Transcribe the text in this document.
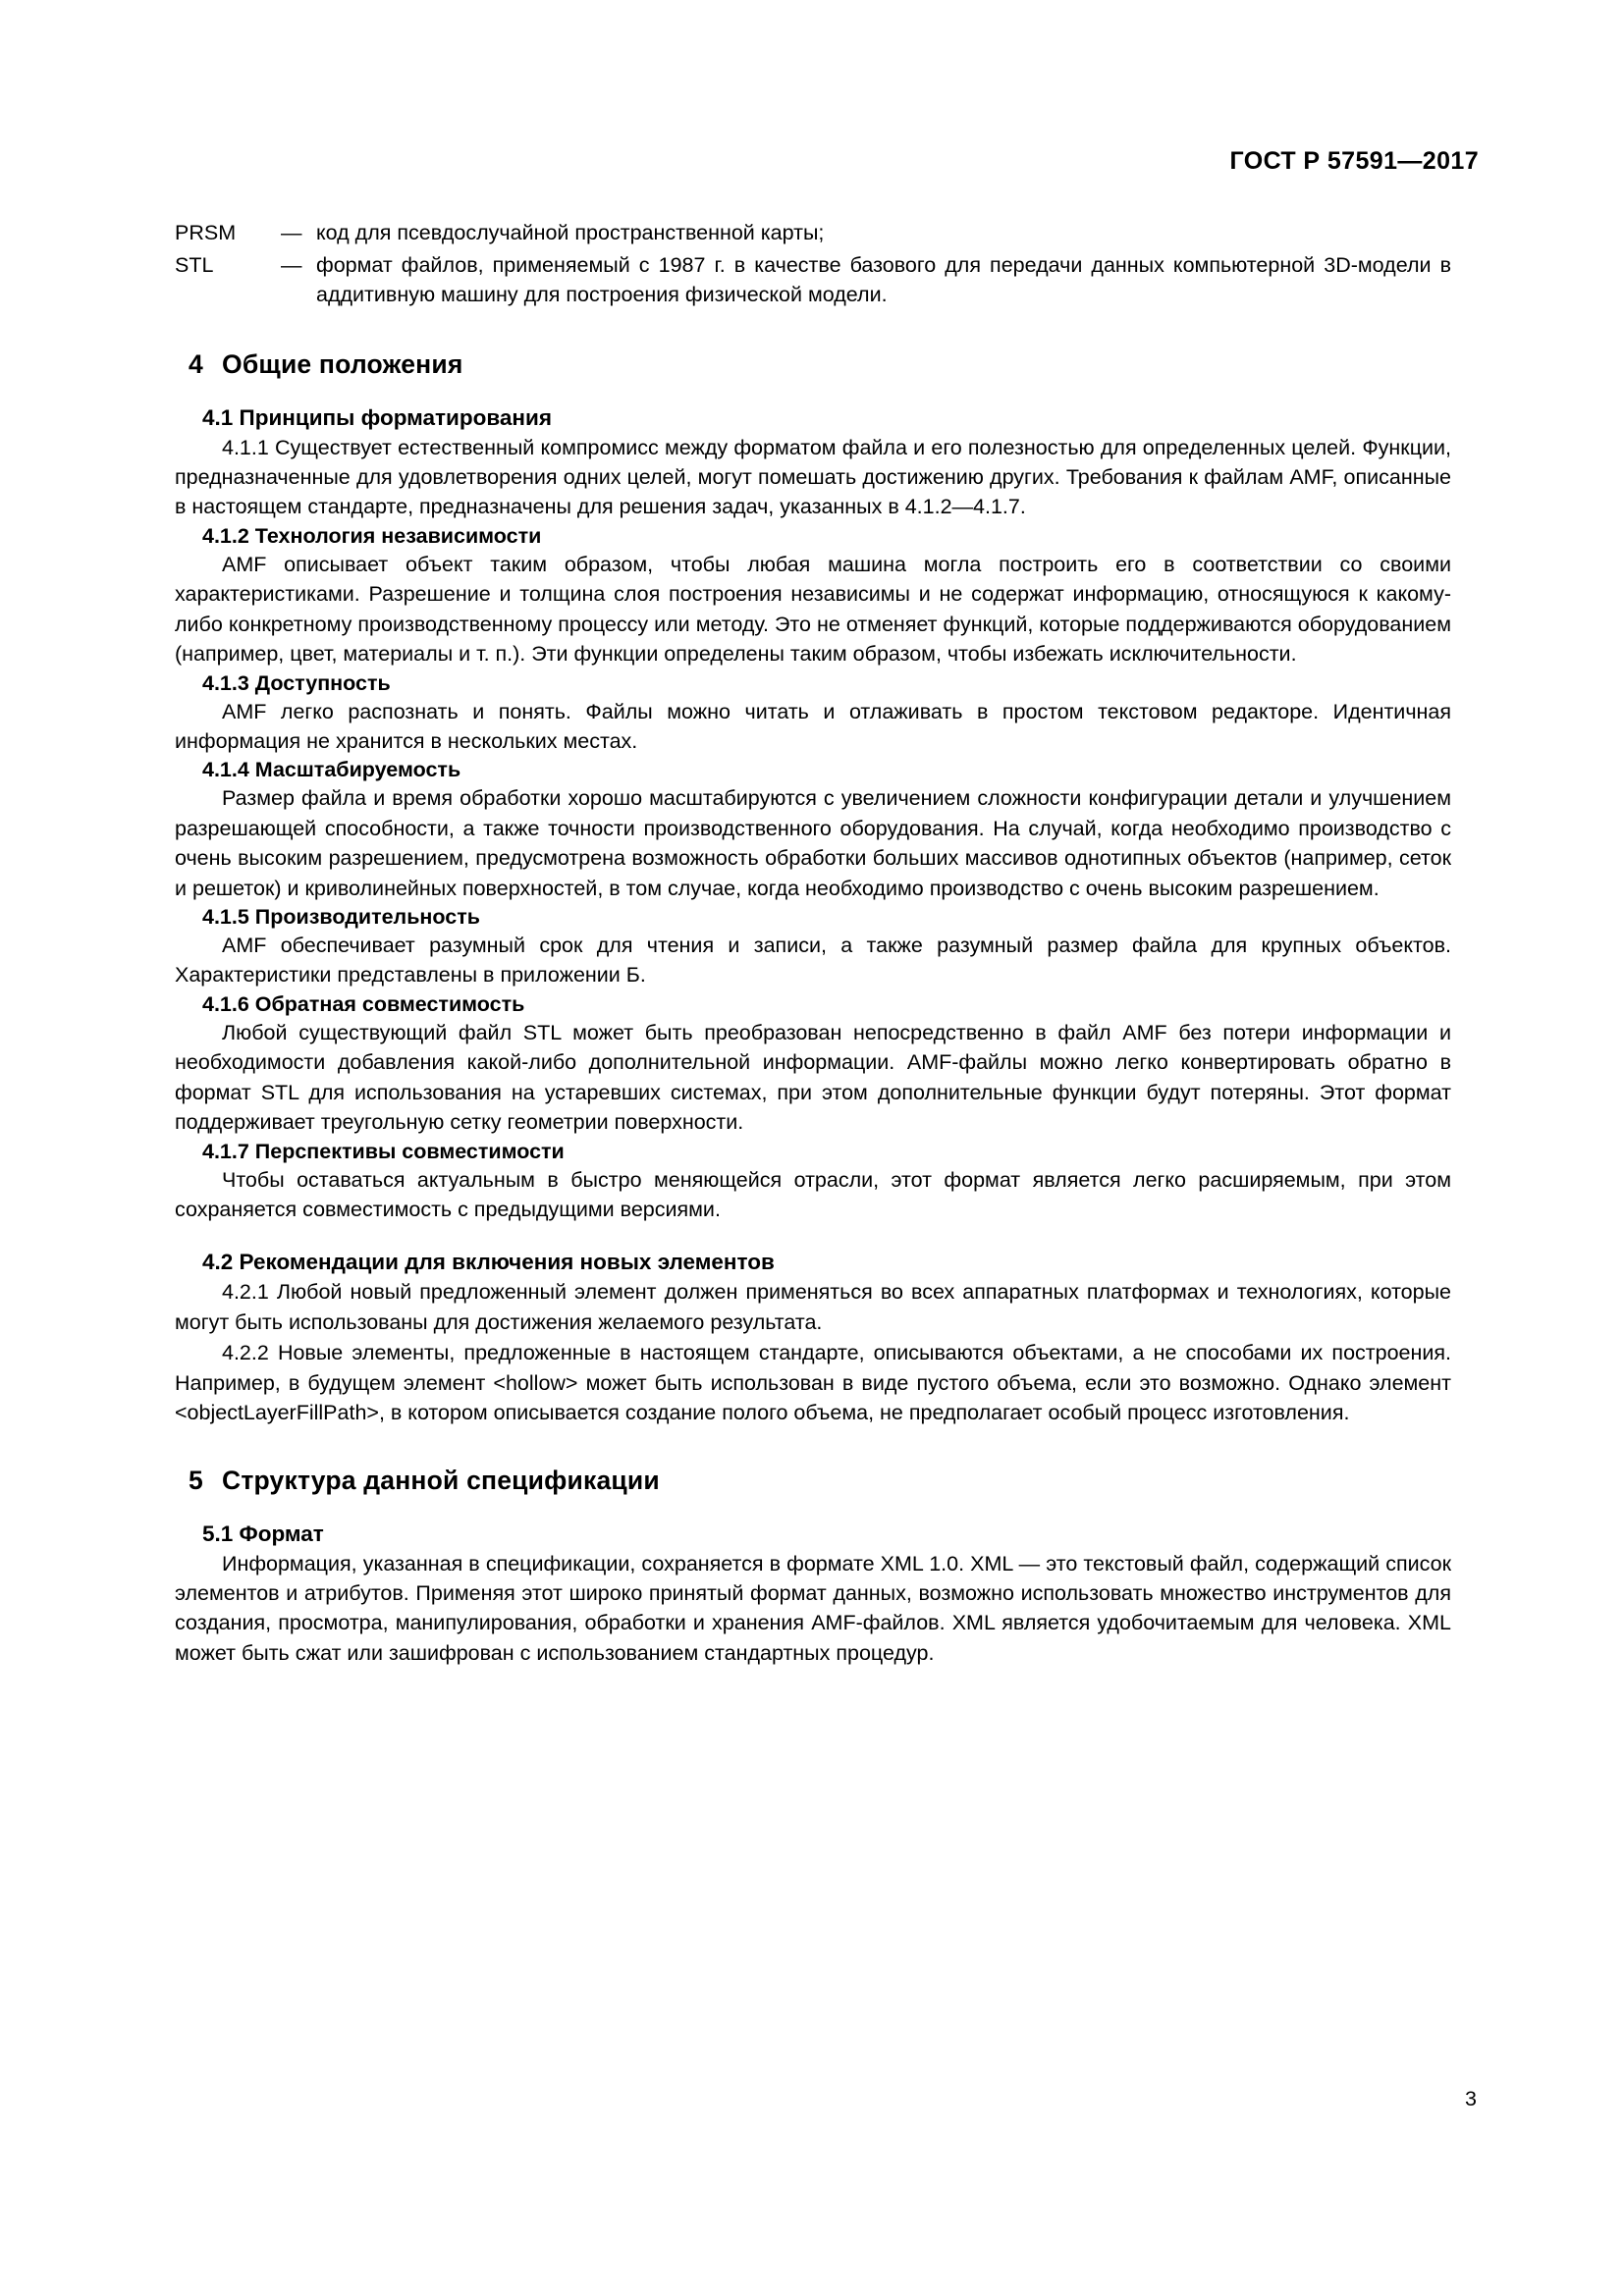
ГОСТ Р 57591—2017
PRSM	— код для псевдослучайной пространственной карты;
STL	— формат файлов, применяемый с 1987 г. в качестве базового для передачи данных компьютерной 3D-модели в аддитивную машину для построения физической модели.
4 Общие положения
4.1 Принципы форматирования

4.1.1 Существует естественный компромисс между форматом файла и его полезностью для определенных целей. Функции, предназначенные для удовлетворения одних целей, могут помешать достижению других. Требования к файлам AMF, описанные в настоящем стандарте, предназначены для решения задач, указанных в 4.1.2—4.1.7.

4.1.2 Технология независимости

AMF описывает объект таким образом, чтобы любая машина могла построить его в соответствии со своими характеристиками. Разрешение и толщина слоя построения независимы и не содержат информацию, относящуюся к какому-либо конкретному производственному процессу или методу. Это не отменяет функций, которые поддерживаются оборудованием (например, цвет, материалы и т. п.). Эти функции определены таким образом, чтобы избежать исключительности.

4.1.3 Доступность

AMF легко распознать и понять. Файлы можно читать и отлаживать в простом текстовом редакторе. Идентичная информация не хранится в нескольких местах.

4.1.4 Масштабируемость

Размер файла и время обработки хорошо масштабируются с увеличением сложности конфигурации детали и улучшением разрешающей способности, а также точности производственного оборудования. На случай, когда необходимо производство с очень высоким разрешением, предусмотрена возможность обработки больших массивов однотипных объектов (например, сеток и решеток) и криволинейных поверхностей, в том случае, когда необходимо производство с очень высоким разрешением.

4.1.5 Производительность

AMF обеспечивает разумный срок для чтения и записи, а также разумный размер файла для крупных объектов. Характеристики представлены в приложении Б.

4.1.6 Обратная совместимость

Любой существующий файл STL может быть преобразован непосредственно в файл AMF без потери информации и необходимости добавления какой-либо дополнительной информации. AMF-файлы можно легко конвертировать обратно в формат STL для использования на устаревших системах, при этом дополнительные функции будут потеряны. Этот формат поддерживает треугольную сетку геометрии поверхности.

4.1.7 Перспективы совместимости

Чтобы оставаться актуальным в быстро меняющейся отрасли, этот формат является легко расширяемым, при этом сохраняется совместимость с предыдущими версиями.

4.2 Рекомендации для включения новых элементов

4.2.1 Любой новый предложенный элемент должен применяться во всех аппаратных платформах и технологиях, которые могут быть использованы для достижения желаемого результата.

4.2.2 Новые элементы, предложенные в настоящем стандарте, описываются объектами, а не способами их построения. Например, в будущем элемент <hollow> может быть использован в виде пустого объема, если это возможно. Однако элемент <objectLayerFillPath>, в котором описывается создание полого объема, не предполагает особый процесс изготовления.

5 Структура данной спецификации
5.1 Формат

Информация, указанная в спецификации, сохраняется в формате XML 1.0. XML — это текстовый файл, содержащий список элементов и атрибутов. Применяя этот широко принятый формат данных, возможно использовать множество инструментов для создания, просмотра, манипулирования, обработки и хранения AMF-файлов. XML является удобочитаемым для человека. XML может быть сжат или зашифрован с использованием стандартных процедур.

3
